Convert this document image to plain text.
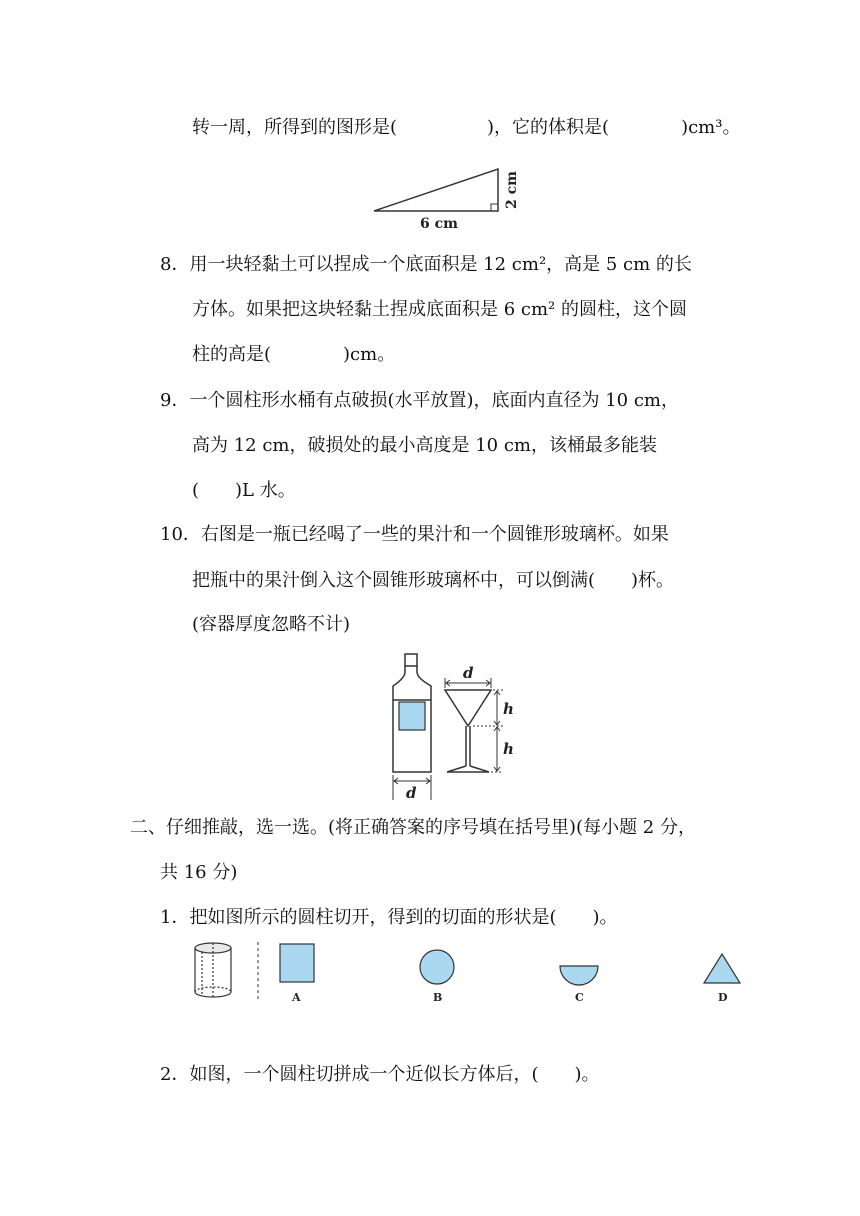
转一周，所得到的图形是(　　　　　)，它的体积是(　　　　)cm³。
6 cm
2 cm
8．用一块轻黏土可以捏成一个底面积是 12 cm²，高是 5 cm 的长
方体。如果把这块轻黏土捏成底面积是 6 cm² 的圆柱，这个圆
柱的高是(　　　　)cm。
9．一个圆柱形水桶有点破损(水平放置)，底面内直径为 10 cm，
高为 12 cm，破损处的最小高度是 10 cm，该桶最多能装
(　　)L 水。
10．右图是一瓶已经喝了一些的果汁和一个圆锥形玻璃杯。如果
把瓶中的果汁倒入这个圆锥形玻璃杯中，可以倒满(　　)杯。
(容器厚度忽略不计)
d
d
h
h
二、仔细推敲，选一选。(将正确答案的序号填在括号里)(每小题 2 分，
共 16 分)
1．把如图所示的圆柱切开，得到的切面的形状是(　　)。
A	B	C	D
2．如图，一个圆柱切拼成一个近似长方体后，(　　)。
